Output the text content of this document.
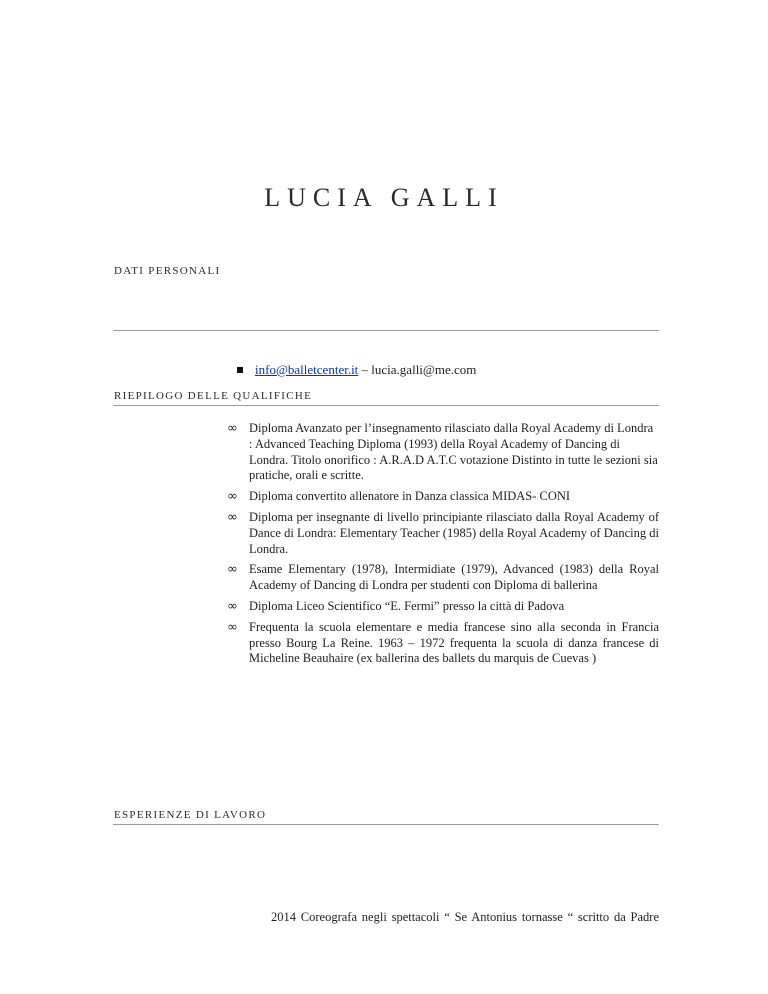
LUCIA GALLI
DATI PERSONALI
info@balletcenter.it – lucia.galli@me.com
RIEPILOGO DELLE QUALIFICHE
∞ Diploma Avanzato per l’insegnamento rilasciato dalla Royal Academy di Londra : Advanced Teaching Diploma (1993) della Royal Academy of Dancing di Londra. Titolo onorifico : A.R.A.D A.T.C votazione Distinto in tutte le sezioni sia pratiche, orali e scritte.
∞ Diploma convertito allenatore in Danza classica MIDAS- CONI
∞ Diploma per insegnante di livello principiante rilasciato dalla Royal Academy of Dance di Londra: Elementary Teacher (1985) della Royal Academy of Dancing di Londra.
∞ Esame Elementary (1978), Intermidiate (1979), Advanced (1983) della Royal Academy of Dancing di Londra per studenti con Diploma di ballerina
∞ Diploma Liceo Scientifico “E. Fermi” presso la città di Padova
∞ Frequenta la scuola elementare e media francese sino alla seconda in Francia presso Bourg La Reine. 1963 – 1972 frequenta la scuola di danza francese di Micheline Beauhaire (ex ballerina des ballets du marquis de Cuevas )
ESPERIENZE DI LAVORO
2014 Coreografa negli spettacoli “ Se Antonius tornasse “ scritto da Padre
